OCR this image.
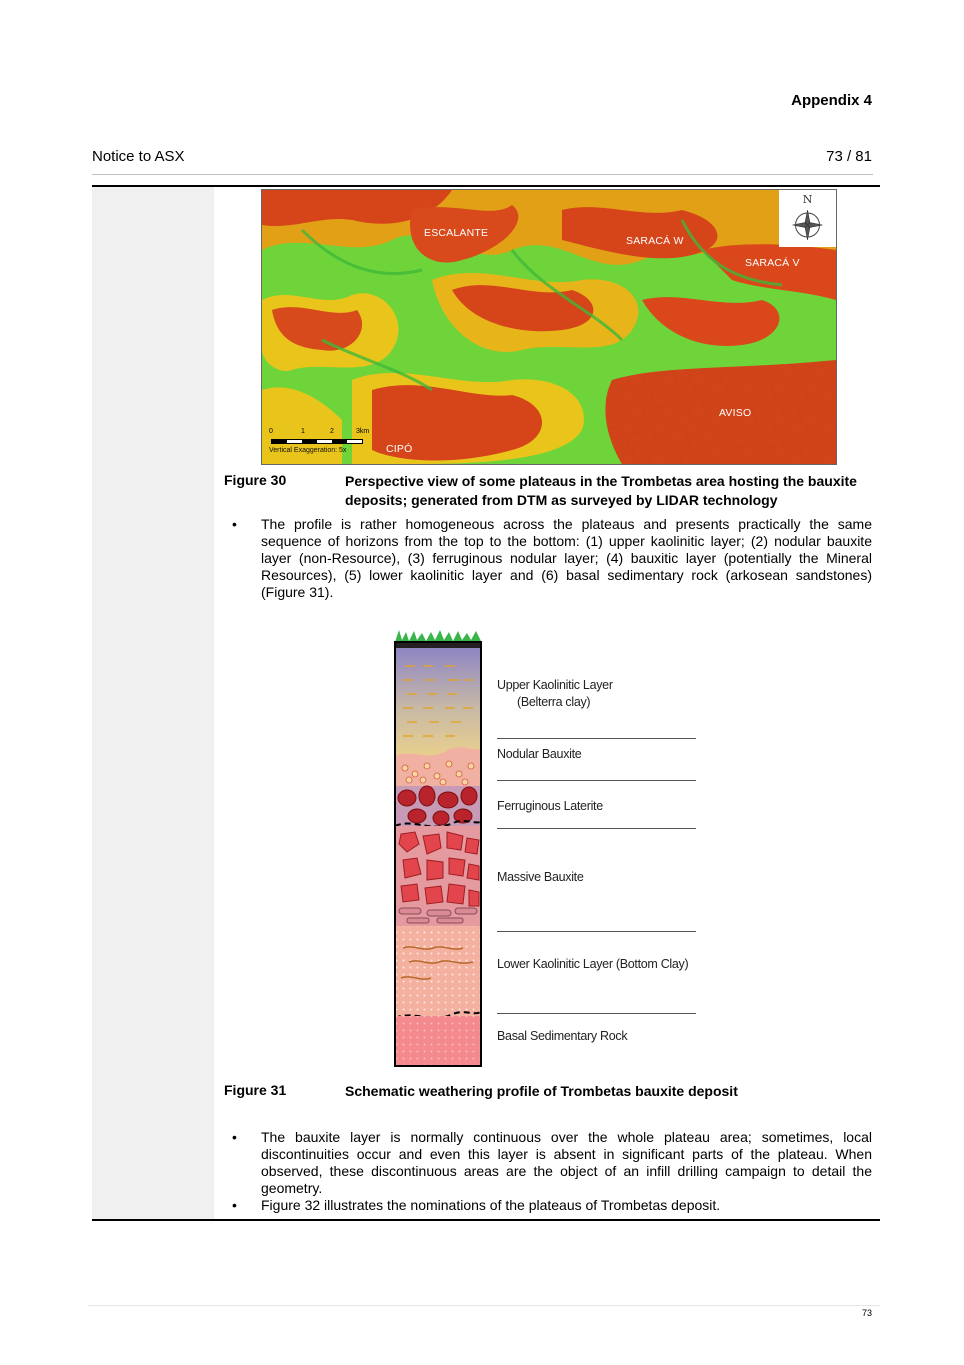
Appendix 4
Notice to ASX	73 / 81
ESCALANTE
SARACÁ W
SARACÁ V
AVISO
CIPÓ
N
0	1	2	3km
Vertical Exaggeration: 5x
Figure 30	Perspective view of some plateaus in the Trombetas area hosting the bauxite deposits; generated from DTM as surveyed by LIDAR technology
• The profile is rather homogeneous across the plateaus and presents practically the same sequence of horizons from the top to the bottom: (1) upper kaolinitic layer; (2) nodular bauxite layer (non-Resource), (3) ferruginous nodular layer; (4) bauxitic layer (potentially the Mineral Resources), (5) lower kaolinitic layer and (6) basal sedimentary rock (arkosean sandstones) (Figure 31).
Upper Kaolinitic Layer
(Belterra clay)
Nodular Bauxite
Ferruginous Laterite
Massive Bauxite
Lower Kaolinitic Layer (Bottom Clay)
Basal Sedimentary Rock
Figure 31	Schematic weathering profile of Trombetas bauxite deposit
• The bauxite layer is normally continuous over the whole plateau area; sometimes, local discontinuities occur and even this layer is absent in significant parts of the plateau. When observed, these discontinuous areas are the object of an infill drilling campaign to detail the geometry.
• Figure 32 illustrates the nominations of the plateaus of Trombetas deposit.
73
